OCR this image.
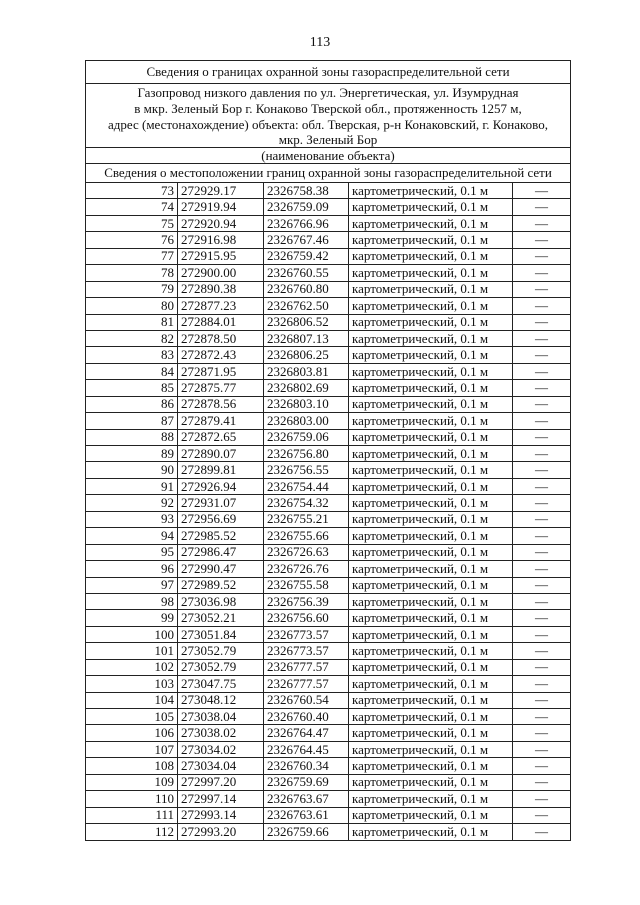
113
Сведения о границах охранной зоны газораспределительной сети
Газопровод низкого давления по ул. Энергетическая, ул. Изумрудная
в мкр. Зеленый Бор г. Конаково Тверской обл., протяженность 1257 м,
адрес (местонахождение) объекта: обл. Тверская, р-н Конаковский, г. Конаково,
мкр. Зеленый Бор
(наименование объекта)
Сведения о местоположении границ охранной зоны газораспределительной сети
73	272929.17	2326758.38	картометрический, 0.1 м	—
74	272919.94	2326759.09	картометрический, 0.1 м	—
75	272920.94	2326766.96	картометрический, 0.1 м	—
76	272916.98	2326767.46	картометрический, 0.1 м	—
77	272915.95	2326759.42	картометрический, 0.1 м	—
78	272900.00	2326760.55	картометрический, 0.1 м	—
79	272890.38	2326760.80	картометрический, 0.1 м	—
80	272877.23	2326762.50	картометрический, 0.1 м	—
81	272884.01	2326806.52	картометрический, 0.1 м	—
82	272878.50	2326807.13	картометрический, 0.1 м	—
83	272872.43	2326806.25	картометрический, 0.1 м	—
84	272871.95	2326803.81	картометрический, 0.1 м	—
85	272875.77	2326802.69	картометрический, 0.1 м	—
86	272878.56	2326803.10	картометрический, 0.1 м	—
87	272879.41	2326803.00	картометрический, 0.1 м	—
88	272872.65	2326759.06	картометрический, 0.1 м	—
89	272890.07	2326756.80	картометрический, 0.1 м	—
90	272899.81	2326756.55	картометрический, 0.1 м	—
91	272926.94	2326754.44	картометрический, 0.1 м	—
92	272931.07	2326754.32	картометрический, 0.1 м	—
93	272956.69	2326755.21	картометрический, 0.1 м	—
94	272985.52	2326755.66	картометрический, 0.1 м	—
95	272986.47	2326726.63	картометрический, 0.1 м	—
96	272990.47	2326726.76	картометрический, 0.1 м	—
97	272989.52	2326755.58	картометрический, 0.1 м	—
98	273036.98	2326756.39	картометрический, 0.1 м	—
99	273052.21	2326756.60	картометрический, 0.1 м	—
100	273051.84	2326773.57	картометрический, 0.1 м	—
101	273052.79	2326773.57	картометрический, 0.1 м	—
102	273052.79	2326777.57	картометрический, 0.1 м	—
103	273047.75	2326777.57	картометрический, 0.1 м	—
104	273048.12	2326760.54	картометрический, 0.1 м	—
105	273038.04	2326760.40	картометрический, 0.1 м	—
106	273038.02	2326764.47	картометрический, 0.1 м	—
107	273034.02	2326764.45	картометрический, 0.1 м	—
108	273034.04	2326760.34	картометрический, 0.1 м	—
109	272997.20	2326759.69	картометрический, 0.1 м	—
110	272997.14	2326763.67	картометрический, 0.1 м	—
111	272993.14	2326763.61	картометрический, 0.1 м	—
112	272993.20	2326759.66	картометрический, 0.1 м	—
